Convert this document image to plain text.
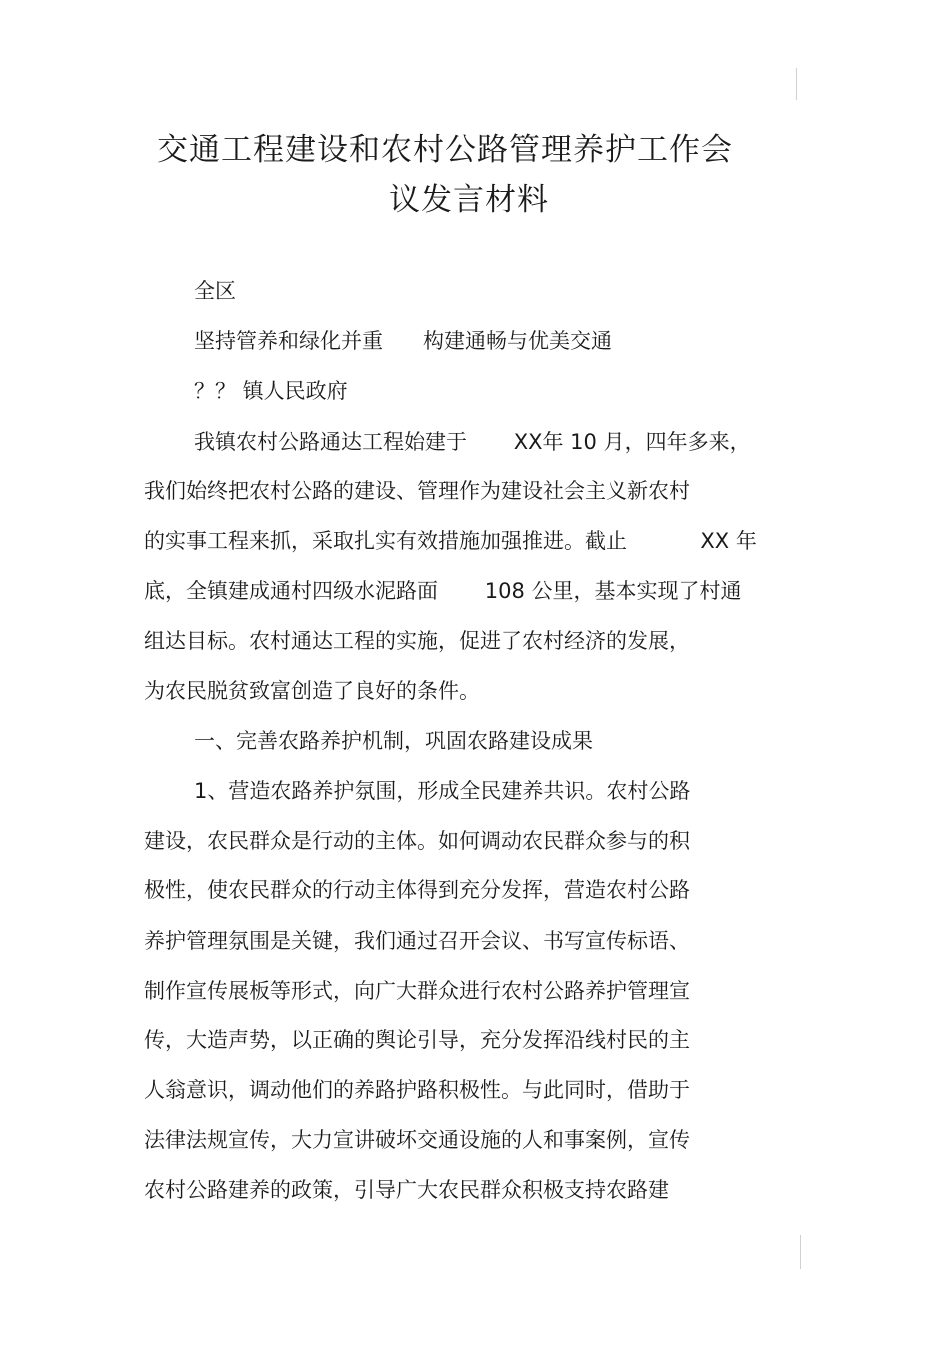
交通工程建设和农村公路管理养护工作会
议发言材料

全区

坚持管养和绿化并重      构建通畅与优美交通

？？ 镇人民政府

我镇农村公路通达工程始建于       XX年 10 月，四年多来，

我们始终把农村公路的建设、管理作为建设社会主义新农村

的实事工程来抓，采取扎实有效措施加强推进。截止           XX 年

底，全镇建成通村四级水泥路面       108 公里，基本实现了村通

组达目标。农村通达工程的实施，促进了农村经济的发展，

为农民脱贫致富创造了良好的条件。

一、完善农路养护机制，巩固农路建设成果

1、营造农路养护氛围，形成全民建养共识。农村公路

建设，农民群众是行动的主体。如何调动农民群众参与的积

极性，使农民群众的行动主体得到充分发挥，营造农村公路

养护管理氛围是关键，我们通过召开会议、书写宣传标语、

制作宣传展板等形式，向广大群众进行农村公路养护管理宣

传，大造声势，以正确的舆论引导，充分发挥沿线村民的主

人翁意识，调动他们的养路护路积极性。与此同时，借助于

法律法规宣传，大力宣讲破坏交通设施的人和事案例，宣传

农村公路建养的政策，引导广大农民群众积极支持农路建
